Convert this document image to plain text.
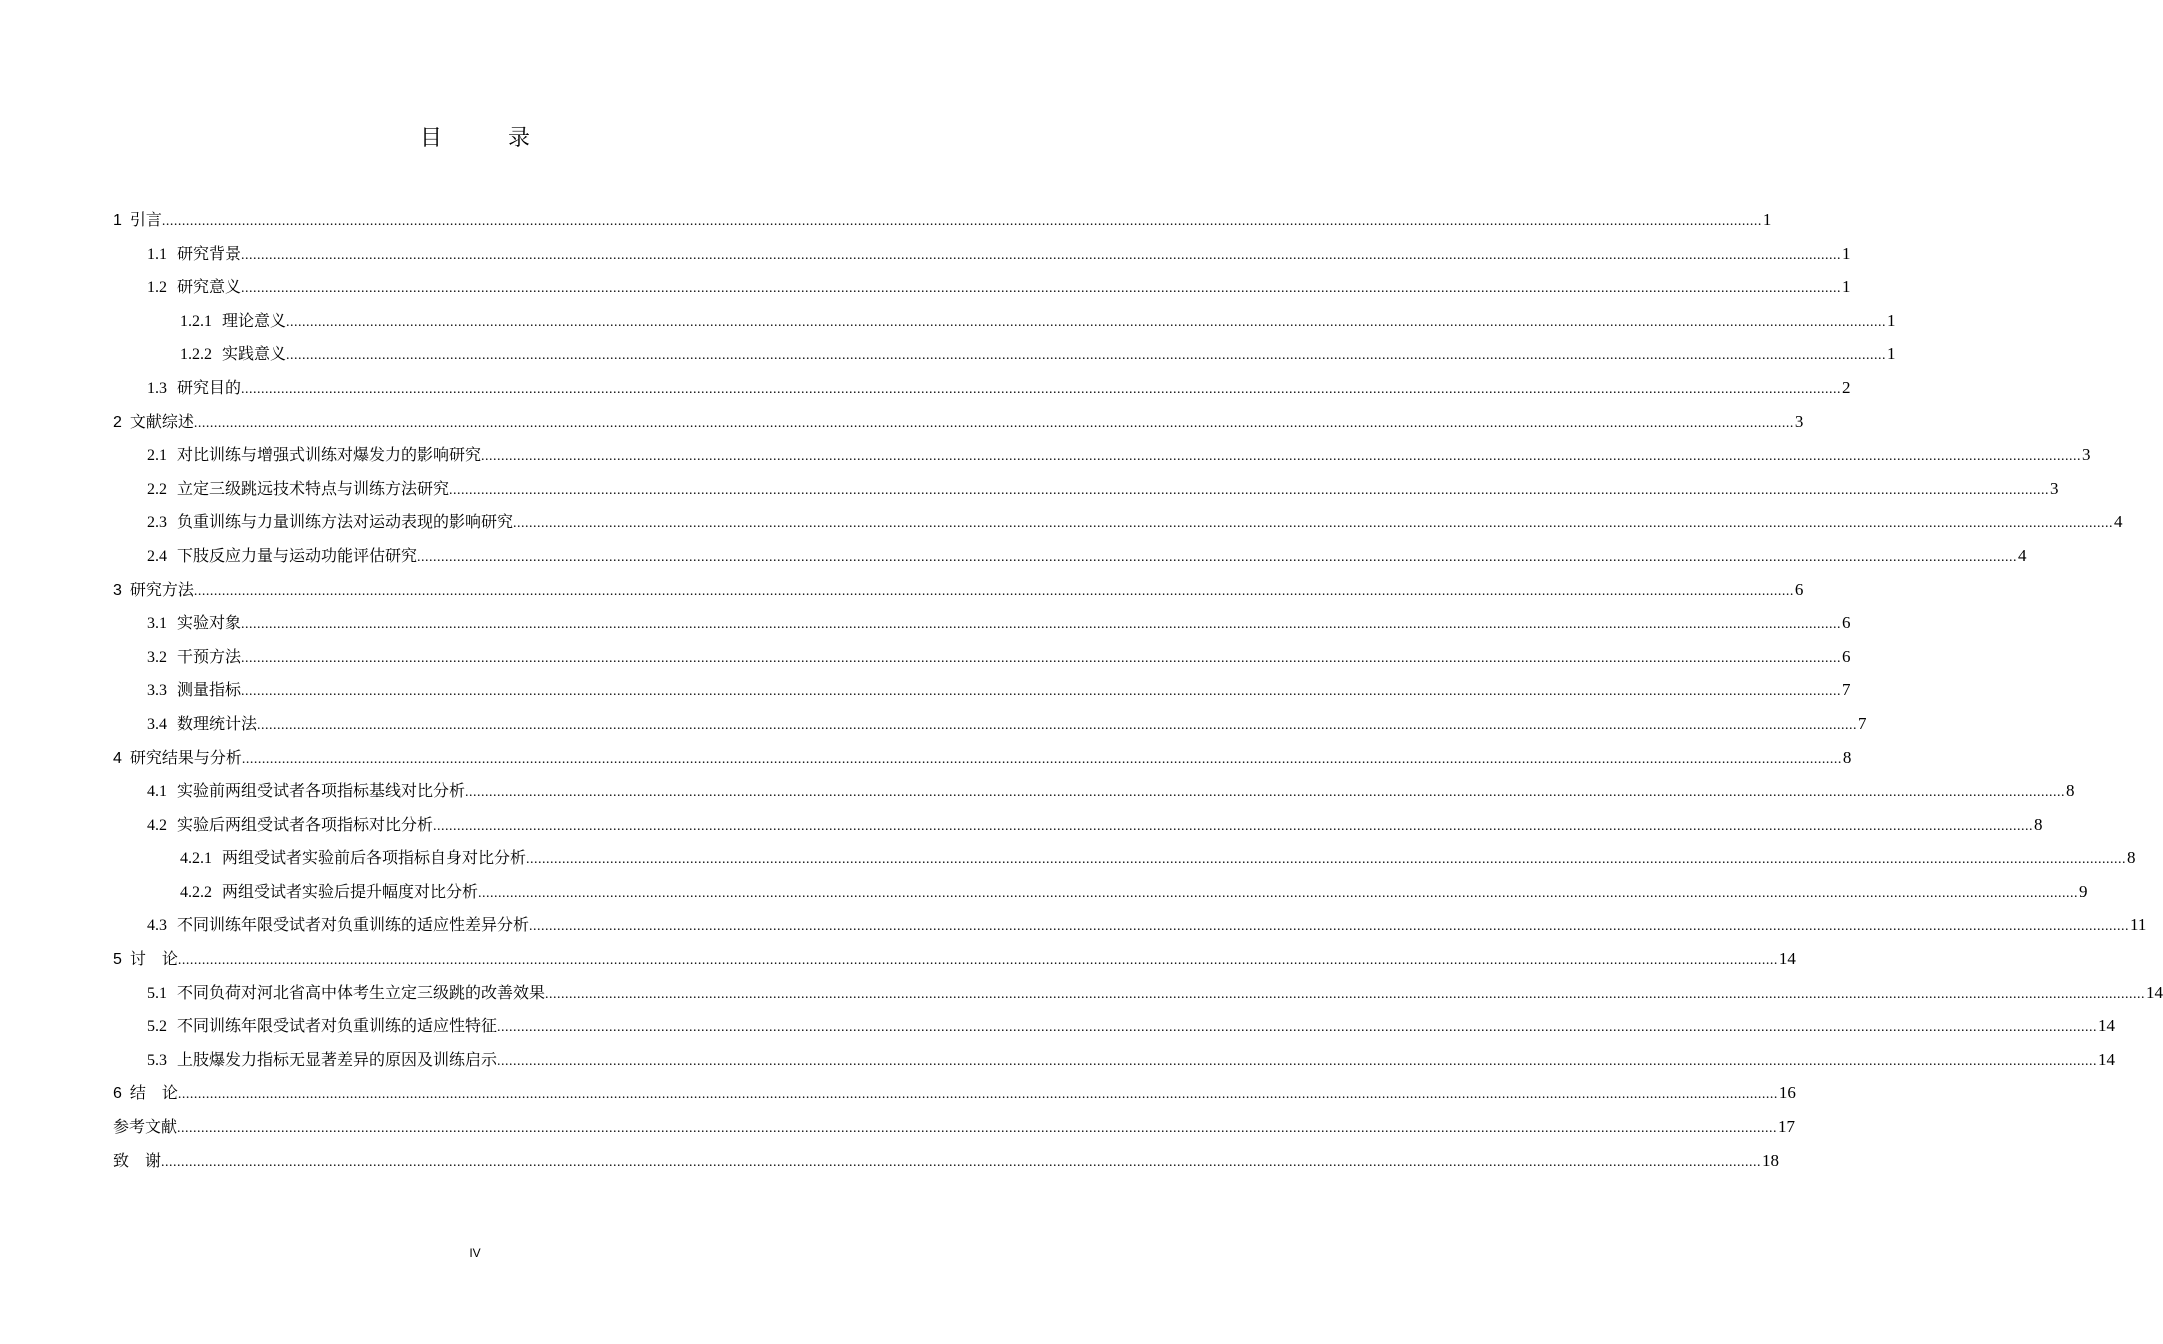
目　录
1 引言 ................................................................................................................................................................................................................................................................................................................................................................................................................ 1
1.1 研究背景 ................................................................................................................................................................................................................................................................................................................................................................................................................ 1
1.2 研究意义 ................................................................................................................................................................................................................................................................................................................................................................................................................ 1
1.2.1 理论意义 ................................................................................................................................................................................................................................................................................................................................................................................................................ 1
1.2.2 实践意义 ................................................................................................................................................................................................................................................................................................................................................................................................................ 1
1.3 研究目的 ................................................................................................................................................................................................................................................................................................................................................................................................................ 2
2 文献综述 ................................................................................................................................................................................................................................................................................................................................................................................................................ 3
2.1 对比训练与增强式训练对爆发力的影响研究 ................................................................................................................................................................................................................................................................................................................................................................................................................ 3
2.2 立定三级跳远技术特点与训练方法研究 ................................................................................................................................................................................................................................................................................................................................................................................................................ 3
2.3 负重训练与力量训练方法对运动表现的影响研究 ................................................................................................................................................................................................................................................................................................................................................................................................................ 4
2.4 下肢反应力量与运动功能评估研究 ................................................................................................................................................................................................................................................................................................................................................................................................................ 4
3 研究方法 ................................................................................................................................................................................................................................................................................................................................................................................................................ 6
3.1 实验对象 ................................................................................................................................................................................................................................................................................................................................................................................................................ 6
3.2 干预方法 ................................................................................................................................................................................................................................................................................................................................................................................................................ 6
3.3 测量指标 ................................................................................................................................................................................................................................................................................................................................................................................................................ 7
3.4 数理统计法 ................................................................................................................................................................................................................................................................................................................................................................................................................ 7
4 研究结果与分析 ................................................................................................................................................................................................................................................................................................................................................................................................................ 8
4.1 实验前两组受试者各项指标基线对比分析 ................................................................................................................................................................................................................................................................................................................................................................................................................ 8
4.2 实验后两组受试者各项指标对比分析 ................................................................................................................................................................................................................................................................................................................................................................................................................ 8
4.2.1 两组受试者实验前后各项指标自身对比分析 ................................................................................................................................................................................................................................................................................................................................................................................................................ 8
4.2.2 两组受试者实验后提升幅度对比分析 ................................................................................................................................................................................................................................................................................................................................................................................................................ 9
4.3 不同训练年限受试者对负重训练的适应性差异分析 ................................................................................................................................................................................................................................................................................................................................................................................................................ 11
5 讨　论 ................................................................................................................................................................................................................................................................................................................................................................................................................ 14
5.1 不同负荷对河北省高中体考生立定三级跳的改善效果 ................................................................................................................................................................................................................................................................................................................................................................................................................ 14
5.2 不同训练年限受试者对负重训练的适应性特征 ................................................................................................................................................................................................................................................................................................................................................................................................................ 14
5.3 上肢爆发力指标无显著差异的原因及训练启示 ................................................................................................................................................................................................................................................................................................................................................................................................................ 14
6 结　论 ................................................................................................................................................................................................................................................................................................................................................................................................................ 16
参考文献 ................................................................................................................................................................................................................................................................................................................................................................................................................ 17
致　谢 ................................................................................................................................................................................................................................................................................................................................................................................................................ 18
IV
